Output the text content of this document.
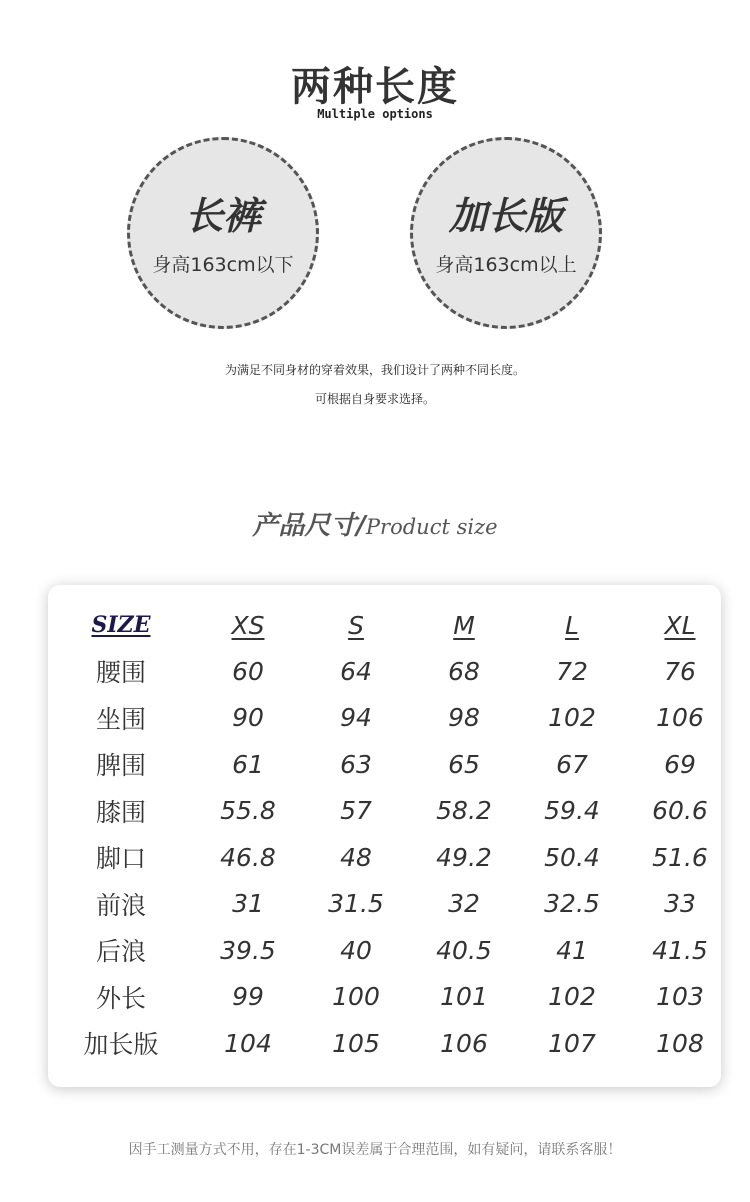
两种长度
Multiple options
长裤
身高163cm以下
加长版
身高163cm以上
为满足不同身材的穿着效果，我们设计了两种不同长度。
可根据自身要求选择。
产品尺寸/Product size
SIZE	XS	S	M	L	XL
腰围	60	64	68	72	76
坐围	90	94	98	102	106
脾围	61	63	65	67	69
膝围	55.8	57	58.2	59.4	60.6
脚口	46.8	48	49.2	50.4	51.6
前浪	31	31.5	32	32.5	33
后浪	39.5	40	40.5	41	41.5
外长	99	100	101	102	103
加长版	104	105	106	107	108
因手工测量方式不用，存在1-3CM误差属于合理范围，如有疑问，请联系客服！
